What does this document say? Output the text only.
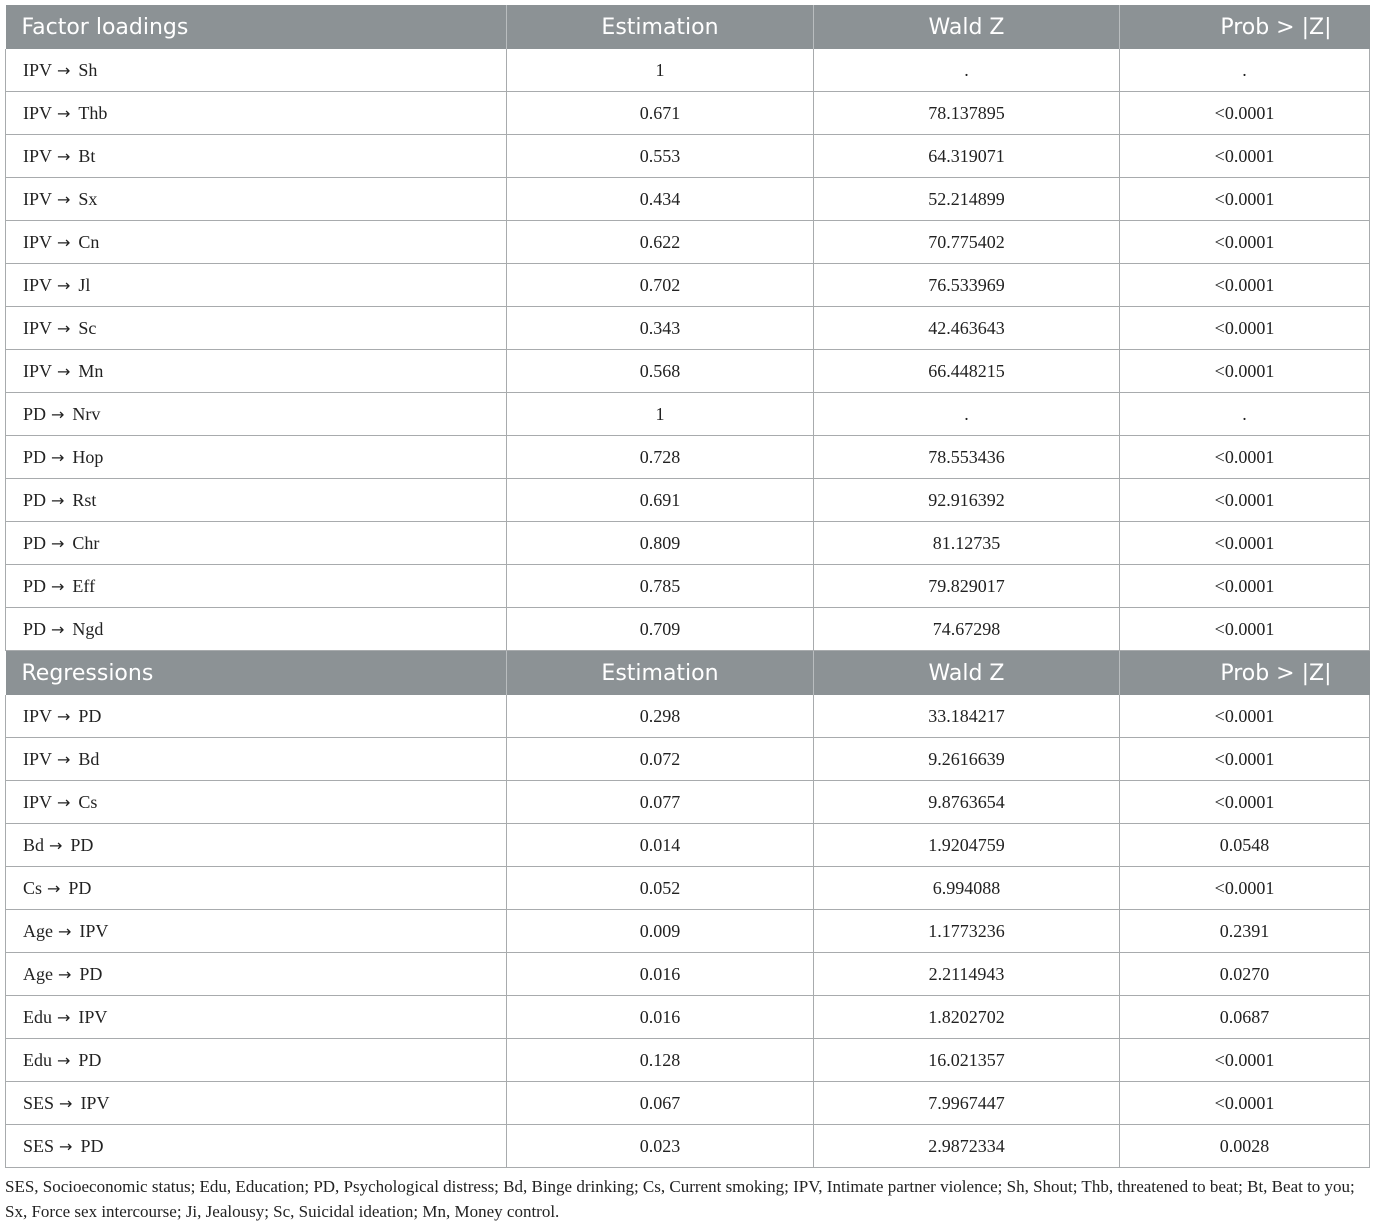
Factor loadings	Estimation	Wald Z	Prob > |Z|
IPV → Sh	1	.	.
IPV → Thb	0.671	78.137895	<0.0001
IPV → Bt	0.553	64.319071	<0.0001
IPV → Sx	0.434	52.214899	<0.0001
IPV → Cn	0.622	70.775402	<0.0001
IPV → Jl	0.702	76.533969	<0.0001
IPV → Sc	0.343	42.463643	<0.0001
IPV → Mn	0.568	66.448215	<0.0001
PD → Nrv	1	.	.
PD → Hop	0.728	78.553436	<0.0001
PD → Rst	0.691	92.916392	<0.0001
PD → Chr	0.809	81.12735	<0.0001
PD → Eff	0.785	79.829017	<0.0001
PD → Ngd	0.709	74.67298	<0.0001
Regressions	Estimation	Wald Z	Prob > |Z|
IPV → PD	0.298	33.184217	<0.0001
IPV → Bd	0.072	9.2616639	<0.0001
IPV → Cs	0.077	9.8763654	<0.0001
Bd → PD	0.014	1.9204759	0.0548
Cs → PD	0.052	6.994088	<0.0001
Age → IPV	0.009	1.1773236	0.2391
Age → PD	0.016	2.2114943	0.0270
Edu → IPV	0.016	1.8202702	0.0687
Edu → PD	0.128	16.021357	<0.0001
SES → IPV	0.067	7.9967447	<0.0001
SES → PD	0.023	2.9872334	0.0028
SES, Socioeconomic status; Edu, Education; PD, Psychological distress; Bd, Binge drinking; Cs, Current smoking; IPV, Intimate partner violence; Sh, Shout; Thb, threatened to beat; Bt, Beat to you; Sx, Force sex intercourse; Ji, Jealousy; Sc, Suicidal ideation; Mn, Money control.
